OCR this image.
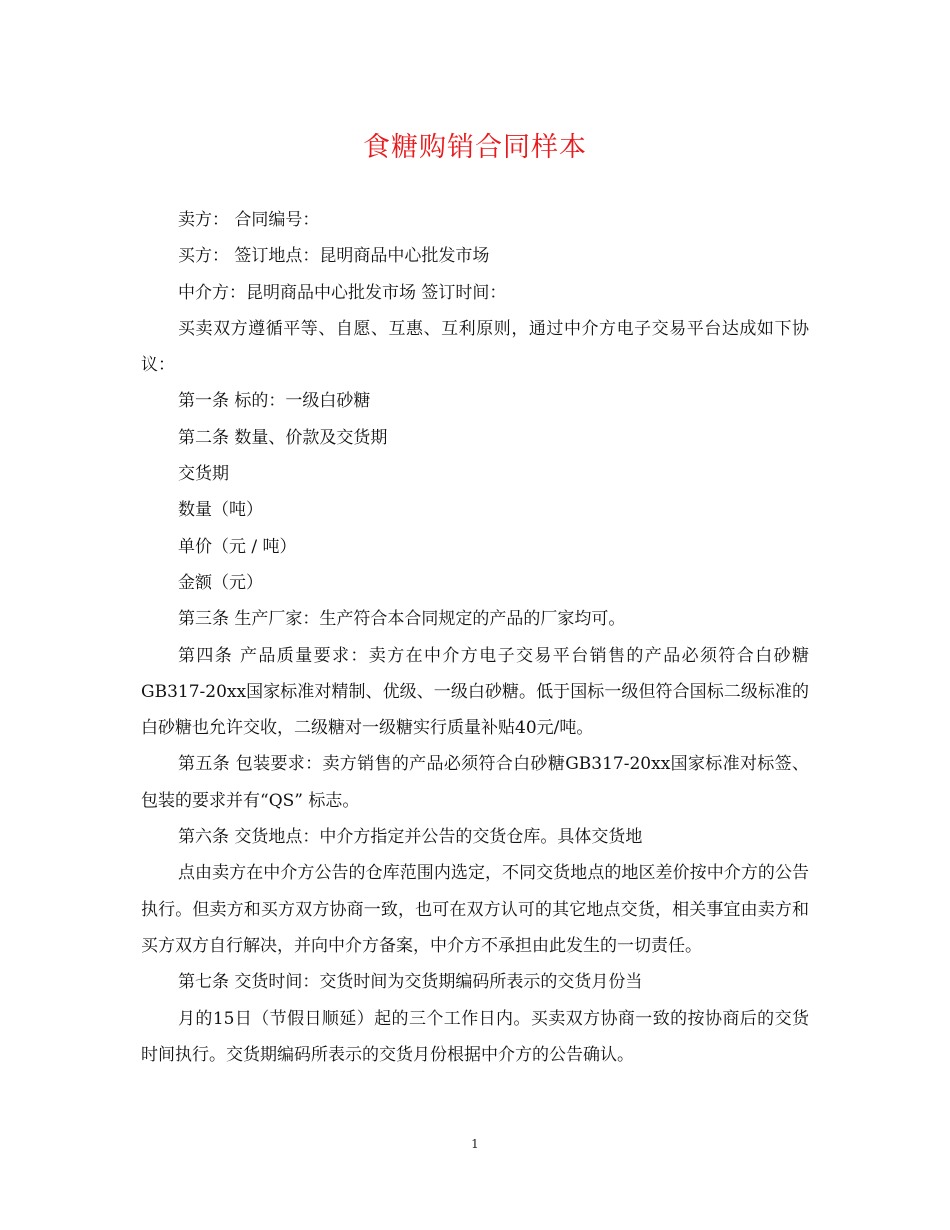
食糖购销合同样本

卖方： 合同编号：

买方： 签订地点：昆明商品中心批发市场

中介方：昆明商品中心批发市场 签订时间：

买卖双方遵循平等、自愿、互惠、互利原则，通过中介方电子交易平台达成如下协议：

第一条 标的：一级白砂糖

第二条 数量、价款及交货期

交货期

数量（吨）

单价（元 / 吨）

金额（元）

第三条 生产厂家：生产符合本合同规定的产品的厂家均可。

第四条 产品质量要求：卖方在中介方电子交易平台销售的产品必须符合白砂糖GB317-20xx国家标准对精制、优级、一级白砂糖。低于国标一级但符合国标二级标准的白砂糖也允许交收，二级糖对一级糖实行质量补贴40元/吨。

第五条 包装要求：卖方销售的产品必须符合白砂糖GB317-20xx国家标准对标签、包装的要求并有“QS” 标志。

第六条 交货地点：中介方指定并公告的交货仓库。具体交货地

点由卖方在中介方公告的仓库范围内选定，不同交货地点的地区差价按中介方的公告执行。但卖方和买方双方协商一致，也可在双方认可的其它地点交货，相关事宜由卖方和买方双方自行解决，并向中介方备案，中介方不承担由此发生的一切责任。

第七条 交货时间：交货时间为交货期编码所表示的交货月份当

月的15日（节假日顺延）起的三个工作日内。买卖双方协商一致的按协商后的交货时间执行。交货期编码所表示的交货月份根据中介方的公告确认。

1
